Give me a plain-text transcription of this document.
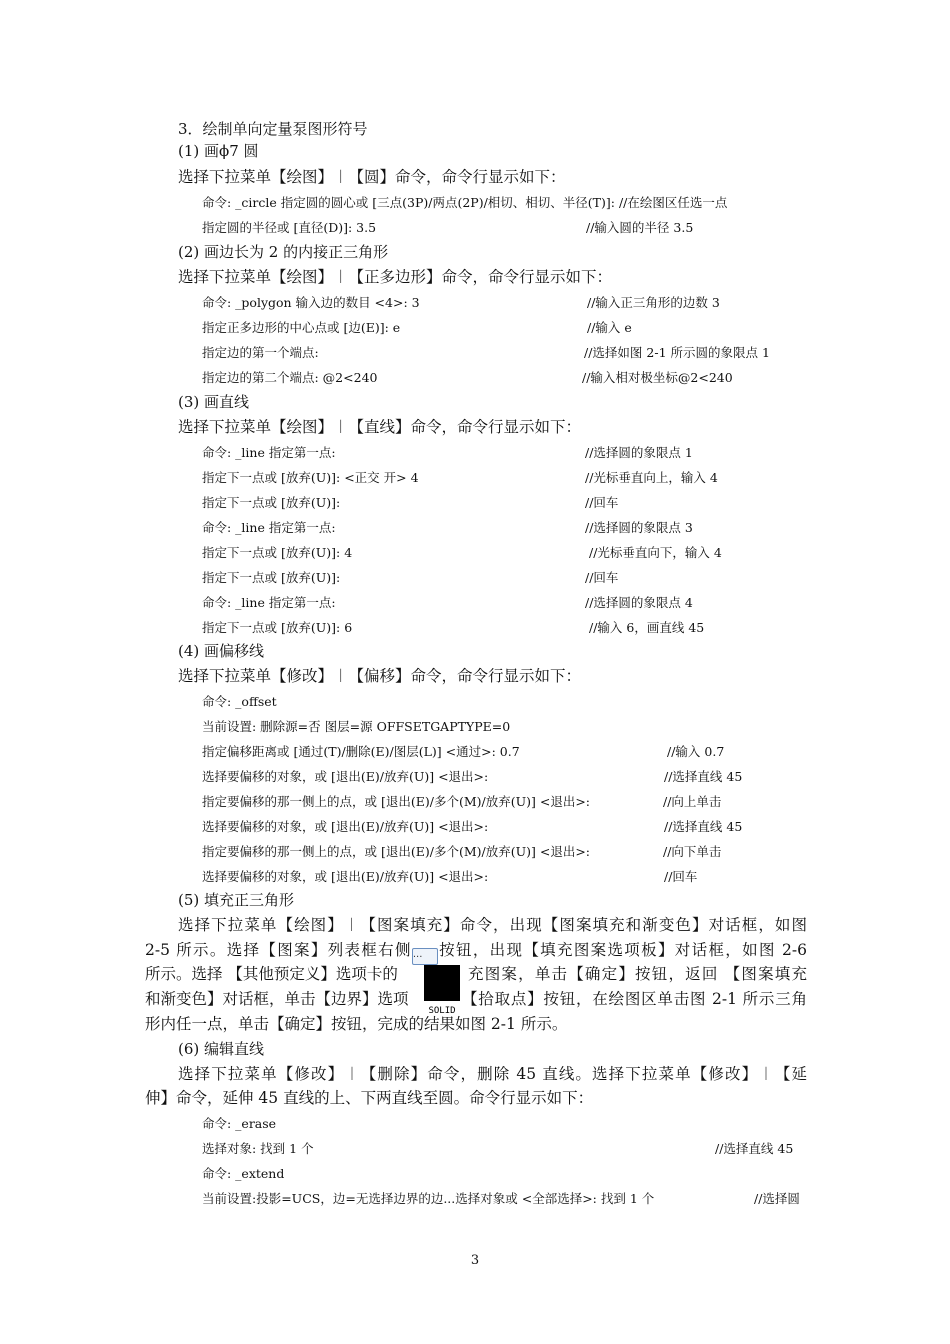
3．绘制单向定量泵图形符号
(1) 画ϕ7 圆
选择下拉菜单【绘图】︱【圆】命令，命令行显示如下：
命令: _circle 指定圆的圆心或 [三点(3P)/两点(2P)/相切、相切、半径(T)]: //在绘图区任选一点
指定圆的半径或 [直径(D)]: 3.5	//输入圆的半径 3.5
(2) 画边长为 2 的内接正三角形
选择下拉菜单【绘图】︱【正多边形】命令，命令行显示如下：
命令: _polygon 输入边的数目 <4>: 3	//输入正三角形的边数 3
指定正多边形的中心点或 [边(E)]: e	//输入 e
指定边的第一个端点:	//选择如图 2-1 所示圆的象限点 1
指定边的第二个端点: @2<240	//输入相对极坐标@2<240
(3) 画直线
选择下拉菜单【绘图】︱【直线】命令，命令行显示如下：
命令: _line 指定第一点:	//选择圆的象限点 1
指定下一点或 [放弃(U)]: <正交 开> 4	//光标垂直向上，输入 4
指定下一点或 [放弃(U)]:	//回车
命令: _line 指定第一点:	//选择圆的象限点 3
指定下一点或 [放弃(U)]: 4	//光标垂直向下，输入 4
指定下一点或 [放弃(U)]:	//回车
命令: _line 指定第一点:	//选择圆的象限点 4
指定下一点或 [放弃(U)]: 6	//输入 6，画直线 45
(4) 画偏移线
选择下拉菜单【修改】︱【偏移】命令，命令行显示如下：
命令: _offset
当前设置: 删除源=否 图层=源 OFFSETGAPTYPE=0
指定偏移距离或 [通过(T)/删除(E)/图层(L)] <通过>: 0.7	//输入 0.7
选择要偏移的对象，或 [退出(E)/放弃(U)] <退出>:	//选择直线 45
指定要偏移的那一侧上的点，或 [退出(E)/多个(M)/放弃(U)] <退出>:	//向上单击
选择要偏移的对象，或 [退出(E)/放弃(U)] <退出>:	//选择直线 45
指定要偏移的那一侧上的点，或 [退出(E)/多个(M)/放弃(U)] <退出>:	//向下单击
选择要偏移的对象，或 [退出(E)/放弃(U)] <退出>:	//回车
(5) 填充正三角形
选择下拉菜单【绘图】︱【图案填充】命令，出现【图案填充和渐变色】对话框，如图
2-5 所示。选择【图案】列表框右侧... 按钮，出现【填充图案选项板】对话框，如图 2-6
所示。选择 【其他预定义】选项卡的	充图案，单击【确定】按钮，返回 【图案填充
和渐变色】对话框，单击【边界】选项	【拾取点】按钮，在绘图区单击图 2-1 所示三角
形内任一点，单击【确定】按钮，完成的结果如图 2-1 所示。
SOLID
(6) 编辑直线
选择下拉菜单【修改】︱【删除】命令，删除 45 直线。选择下拉菜单【修改】︱【延
伸】命令，延伸 45 直线的上、下两直线至圆。命令行显示如下：
命令: _erase
选择对象: 找到 1 个	//选择直线 45
命令: _extend
当前设置:投影=UCS，边=无选择边界的边...选择对象或 <全部选择>: 找到 1 个	//选择圆
3
